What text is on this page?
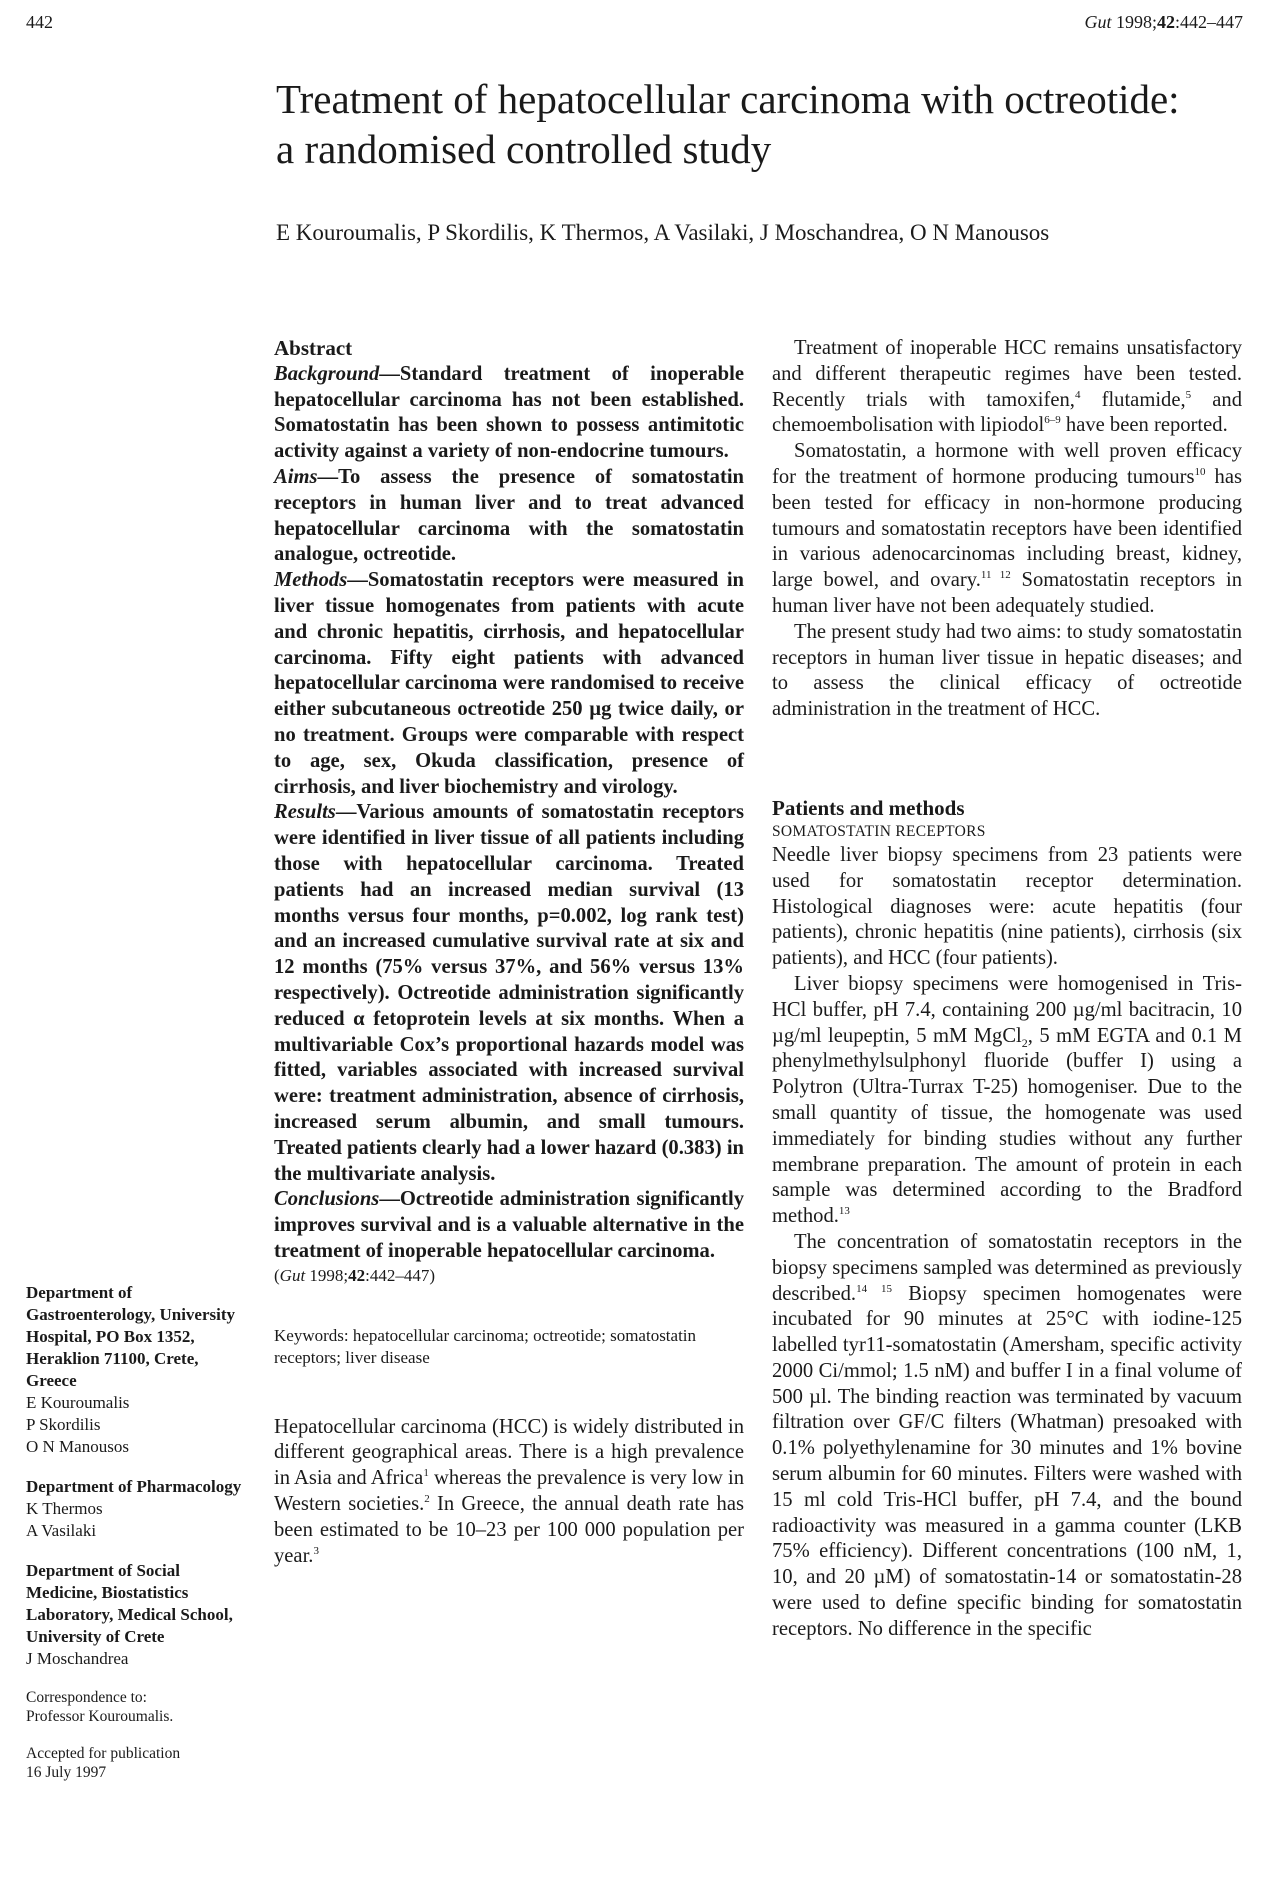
442	Gut 1998;42:442–447
Treatment of hepatocellular carcinoma with octreotide: a randomised controlled study
E Kouroumalis, P Skordilis, K Thermos, A Vasilaki, J Moschandrea, O N Manousos
Department of Gastroenterology, University Hospital, PO Box 1352, Heraklion 71100, Crete, Greece
E Kouroumalis
P Skordilis
O N Manousos
Department of Pharmacology
K Thermos
A Vasilaki
Department of Social Medicine, Biostatistics Laboratory, Medical School, University of Crete
J Moschandrea
Correspondence to:
Professor Kouroumalis.
Accepted for publication
16 July 1997
Abstract
Background—Standard treatment of inoperable hepatocellular carcinoma has not been established. Somatostatin has been shown to possess antimitotic activity against a variety of non-endocrine tumours.
Aims—To assess the presence of somatostatin receptors in human liver and to treat advanced hepatocellular carcinoma with the somatostatin analogue, octreotide.
Methods—Somatostatin receptors were measured in liver tissue homogenates from patients with acute and chronic hepatitis, cirrhosis, and hepatocellular carcinoma. Fifty eight patients with advanced hepatocellular carcinoma were randomised to receive either subcutaneous octreotide 250 µg twice daily, or no treatment. Groups were comparable with respect to age, sex, Okuda classification, presence of cirrhosis, and liver biochemistry and virology.
Results—Various amounts of somatostatin receptors were identified in liver tissue of all patients including those with hepatocellular carcinoma. Treated patients had an increased median survival (13 months versus four months, p=0.002, log rank test) and an increased cumulative survival rate at six and 12 months (75% versus 37%, and 56% versus 13% respectively). Octreotide administration significantly reduced α fetoprotein levels at six months. When a multivariable Cox’s proportional hazards model was fitted, variables associated with increased survival were: treatment administration, absence of cirrhosis, increased serum albumin, and small tumours. Treated patients clearly had a lower hazard (0.383) in the multivariate analysis.
Conclusions—Octreotide administration significantly improves survival and is a valuable alternative in the treatment of inoperable hepatocellular carcinoma.
(Gut 1998;42:442–447)
Keywords: hepatocellular carcinoma; octreotide; somatostatin receptors; liver disease
Hepatocellular carcinoma (HCC) is widely distributed in different geographical areas. There is a high prevalence in Asia and Africa$^1$ whereas the prevalence is very low in Western societies.$^2$ In Greece, the annual death rate has been estimated to be 10–23 per 100 000 population per year.$^3$
Treatment of inoperable HCC remains unsatisfactory and different therapeutic regimes have been tested. Recently trials with tamoxifen,$^4$ flutamide,$^5$ and chemoembolisation with lipiodol$^{6-9}$ have been reported.
Somatostatin, a hormone with well proven efficacy for the treatment of hormone producing tumours$^{10}$ has been tested for efficacy in non-hormone producing tumours and somatostatin receptors have been identified in various adenocarcinomas including breast, kidney, large bowel, and ovary.$^{11 12}$ Somatostatin receptors in human liver have not been adequately studied.
The present study had two aims: to study somatostatin receptors in human liver tissue in hepatic diseases; and to assess the clinical efficacy of octreotide administration in the treatment of HCC.
Patients and methods
SOMATOSTATIN RECEPTORS
Needle liver biopsy specimens from 23 patients were used for somatostatin receptor determination. Histological diagnoses were: acute hepatitis (four patients), chronic hepatitis (nine patients), cirrhosis (six patients), and HCC (four patients).
Liver biopsy specimens were homogenised in Tris-HCl buffer, pH 7.4, containing 200 µg/ml bacitracin, 10 µg/ml leupeptin, 5 mM MgCl$_2$, 5 mM EGTA and 0.1 M phenylmethylsulphonyl fluoride (buffer I) using a Polytron (Ultra-Turrax T-25) homogeniser. Due to the small quantity of tissue, the homogenate was used immediately for binding studies without any further membrane preparation. The amount of protein in each sample was determined according to the Bradford method.$^{13}$
The concentration of somatostatin receptors in the biopsy specimens sampled was determined as previously described.$^{14 15}$ Biopsy specimen homogenates were incubated for 90 minutes at 25°C with iodine-125 labelled tyr11-somatostatin (Amersham, specific activity 2000 Ci/mmol; 1.5 nM) and buffer I in a final volume of 500 µl. The binding reaction was terminated by vacuum filtration over GF/C filters (Whatman) presoaked with 0.1% polyethylenamine for 30 minutes and 1% bovine serum albumin for 60 minutes. Filters were washed with 15 ml cold Tris-HCl buffer, pH 7.4, and the bound radioactivity was measured in a gamma counter (LKB 75% efficiency). Different concentrations (100 nM, 1, 10, and 20 µM) of somatostatin-14 or somatostatin-28 were used to define specific binding for somatostatin receptors. No difference in the specific
